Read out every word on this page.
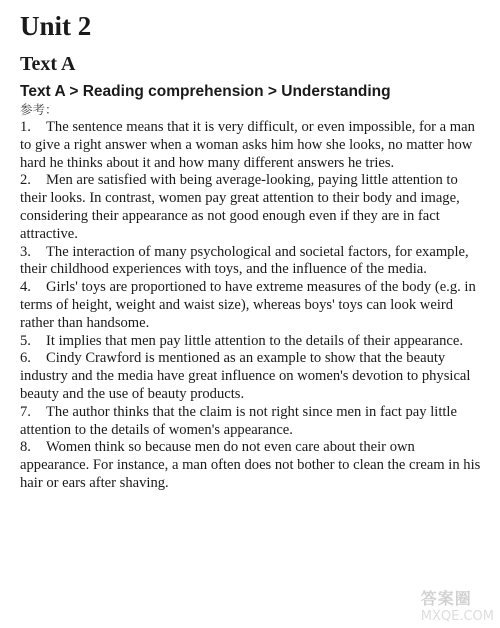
Unit 2
Text A
Text A > Reading comprehension > Understanding
参考：

1. The sentence means that it is very difficult, or even impossible, for a man to give a right answer when a woman asks him how she looks, no matter how hard he thinks about it and how many different answers he tries.

2. Men are satisfied with being average-looking, paying little attention to their looks. In contrast, women pay great attention to their body and image, considering their appearance as not good enough even if they are in fact attractive.

3. The interaction of many psychological and societal factors, for example, their childhood experiences with toys, and the influence of the media.

4. Girls' toys are proportioned to have extreme measures of the body (e.g. in terms of height, weight and waist size), whereas boys' toys can look weird rather than handsome.

5. It implies that men pay little attention to the details of their appearance.

6. Cindy Crawford is mentioned as an example to show that the beauty industry and the media have great influence on women's devotion to physical beauty and the use of beauty products.

7. The author thinks that the claim is not right since men in fact pay little attention to the details of women's appearance.

8. Women think so because men do not even care about their own appearance. For instance, a man often does not bother to clean the cream in his hair or ears after shaving.

答案圈
MXQE.COM
